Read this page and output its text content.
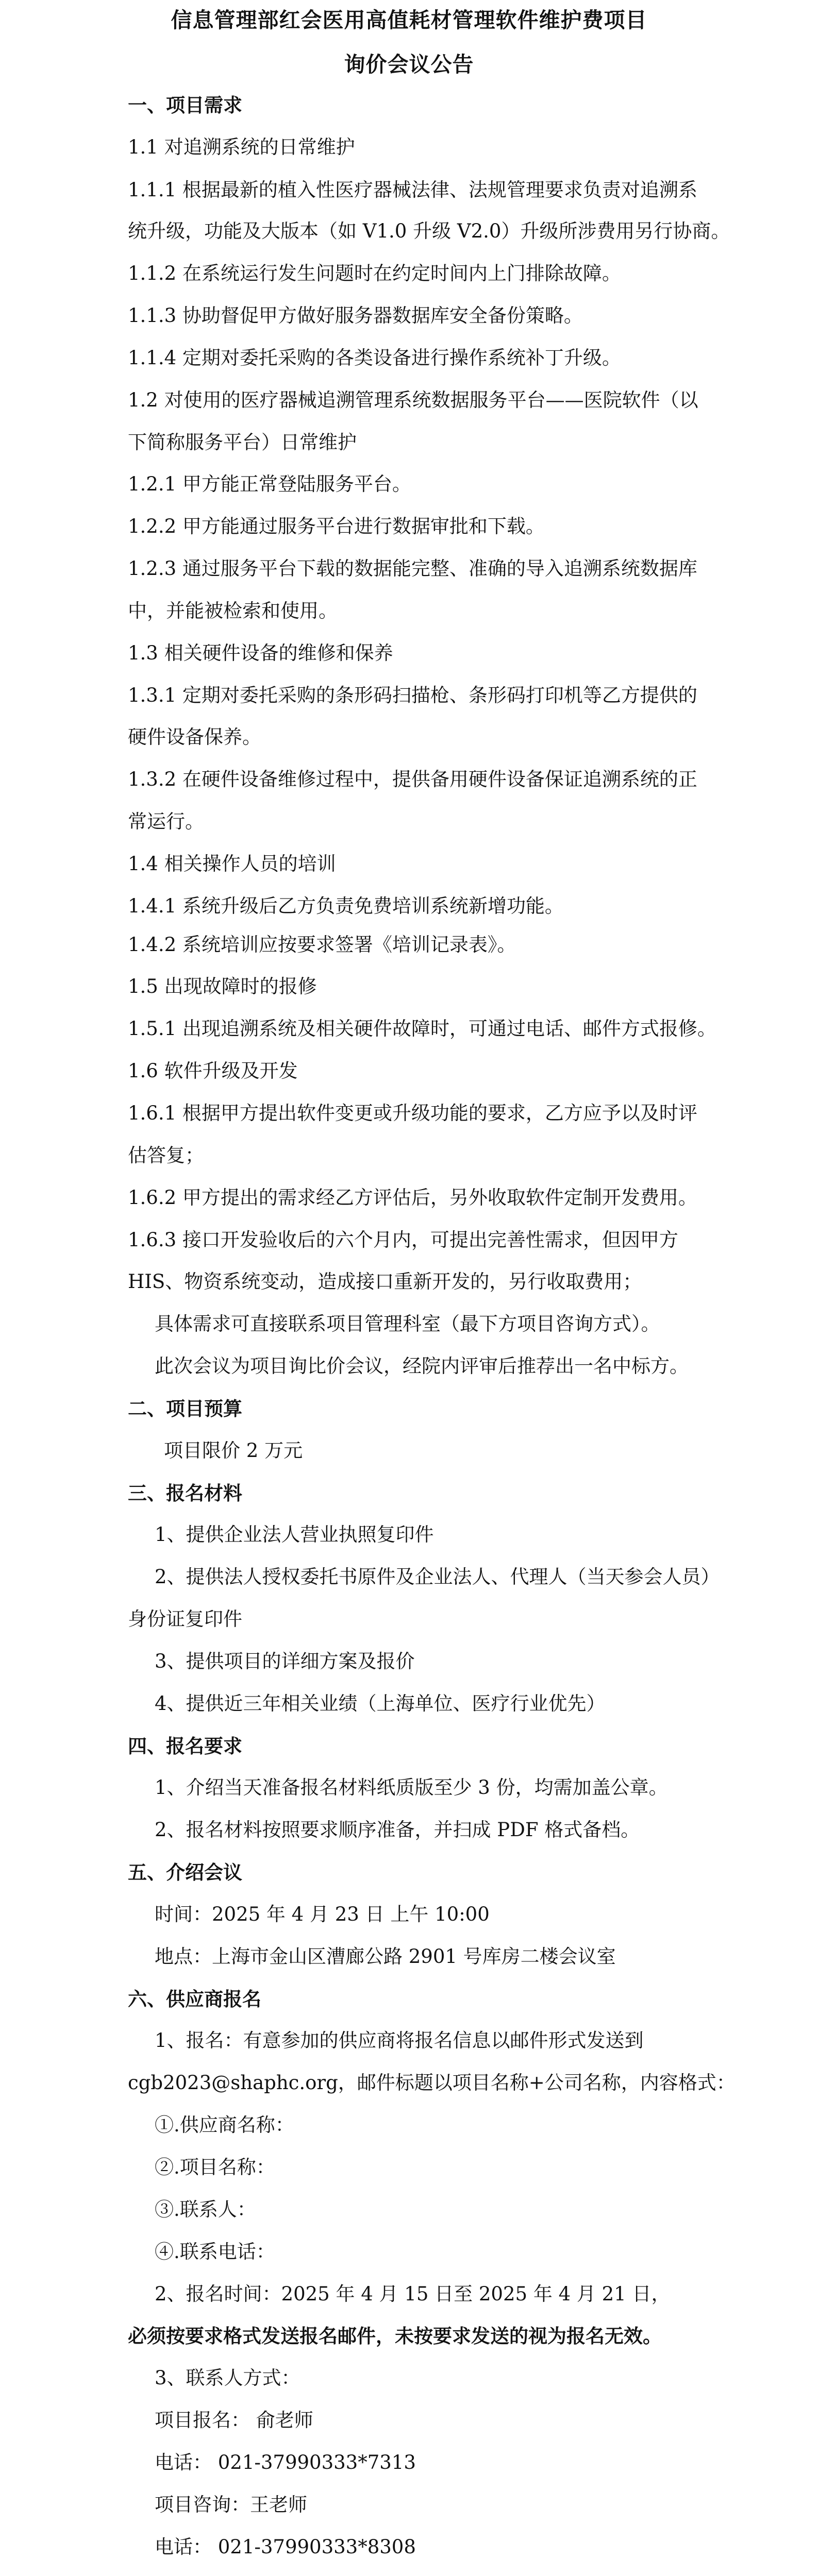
信息管理部红会医用高值耗材管理软件维护费项目
询价会议公告
一、项目需求
1.1 对追溯系统的日常维护
1.1.1 根据最新的植入性医疗器械法律、法规管理要求负责对追溯系
统升级，功能及大版本（如 V1.0 升级 V2.0）升级所涉费用另行协商。
1.1.2 在系统运行发生问题时在约定时间内上门排除故障。
1.1.3 协助督促甲方做好服务器数据库安全备份策略。
1.1.4 定期对委托采购的各类设备进行操作系统补丁升级。
1.2 对使用的医疗器械追溯管理系统数据服务平台——医院软件（以
下简称服务平台）日常维护
1.2.1 甲方能正常登陆服务平台。
1.2.2 甲方能通过服务平台进行数据审批和下载。
1.2.3 通过服务平台下载的数据能完整、准确的导入追溯系统数据库
中，并能被检索和使用。
1.3 相关硬件设备的维修和保养
1.3.1 定期对委托采购的条形码扫描枪、条形码打印机等乙方提供的
硬件设备保养。
1.3.2 在硬件设备维修过程中，提供备用硬件设备保证追溯系统的正
常运行。
1.4 相关操作人员的培训
1.4.1 系统升级后乙方负责免费培训系统新增功能。
1.4.2 系统培训应按要求签署《培训记录表》。
1.5 出现故障时的报修
1.5.1 出现追溯系统及相关硬件故障时，可通过电话、邮件方式报修。
1.6 软件升级及开发
1.6.1 根据甲方提出软件变更或升级功能的要求，乙方应予以及时评
估答复；
1.6.2 甲方提出的需求经乙方评估后，另外收取软件定制开发费用。
1.6.3 接口开发验收后的六个月内，可提出完善性需求，但因甲方
HIS、物资系统变动，造成接口重新开发的，另行收取费用；
具体需求可直接联系项目管理科室（最下方项目咨询方式）。
此次会议为项目询比价会议，经院内评审后推荐出一名中标方。
二、项目预算
项目限价 2 万元
三、报名材料
1、提供企业法人营业执照复印件
2、提供法人授权委托书原件及企业法人、代理人（当天参会人员）
身份证复印件
3、提供项目的详细方案及报价
4、提供近三年相关业绩（上海单位、医疗行业优先）
四、报名要求
1、介绍当天准备报名材料纸质版至少 3 份，均需加盖公章。
2、报名材料按照要求顺序准备，并扫成 PDF 格式备档。
五、介绍会议
时间：2025 年 4 月 23 日 上午 10:00
地点：上海市金山区漕廊公路 2901 号库房二楼会议室
六、供应商报名
1、报名：有意参加的供应商将报名信息以邮件形式发送到
cgb2023@shaphc.org，邮件标题以项目名称+公司名称，内容格式：
①.供应商名称：
②.项目名称：
③.联系人：
④.联系电话：
2、报名时间：2025 年 4 月 15 日至 2025 年 4 月 21 日，
必须按要求格式发送报名邮件，未按要求发送的视为报名无效。
3、联系人方式：
项目报名： 俞老师
电话： 021-37990333*7313
项目咨询：王老师
电话： 021-37990333*8308
